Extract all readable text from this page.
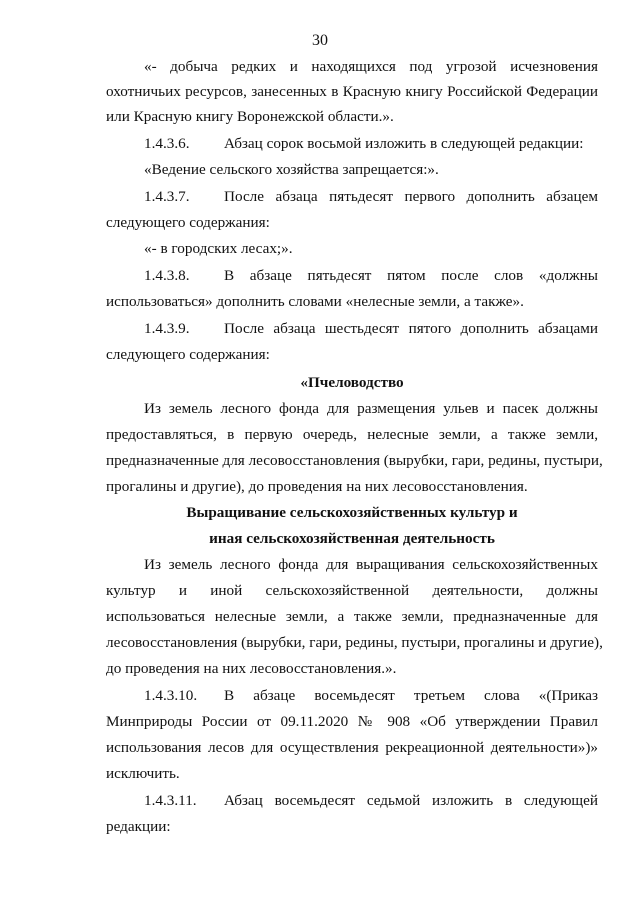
30
«- добыча редких и находящихся под угрозой исчезновения
охотничьих ресурсов, занесенных в Красную книгу Российской Федерации
или Красную книгу Воронежской области.».
1.4.3.6. Абзац сорок восьмой изложить в следующей редакции:
«Ведение сельского хозяйства запрещается:».
1.4.3.7.	После абзаца пятьдесят первого дополнить абзацем
следующего содержания:
«- в городских лесах;».
1.4.3.8.	В абзаце пятьдесят пятом после слов «должны
использоваться» дополнить словами «нелесные земли, а также».
1.4.3.9.	После абзаца шестьдесят пятого дополнить абзацами
следующего содержания:
«Пчеловодство
Из земель лесного фонда для размещения ульев и пасек должны
предоставляться, в первую очередь, нелесные земли, а также земли,
предназначенные для лесовосстановления (вырубки, гари, редины, пустыри,
прогалины и другие), до проведения на них лесовосстановления.
Выращивание сельскохозяйственных культур и
иная сельскохозяйственная деятельность
Из земель лесного фонда для выращивания сельскохозяйственных
культур и иной сельскохозяйственной деятельности, должны
использоваться нелесные земли, а также земли, предназначенные для
лесовосстановления (вырубки, гари, редины, пустыри, прогалины и другие),
до проведения на них лесовосстановления.».
1.4.3.10.	В абзаце восемьдесят третьем слова «(Приказ
Минприроды России от 09.11.2020 № 908 «Об утверждении Правил
использования лесов для осуществления рекреационной деятельности»)»
исключить.
1.4.3.11.	Абзац восемьдесят седьмой изложить в следующей
редакции:
